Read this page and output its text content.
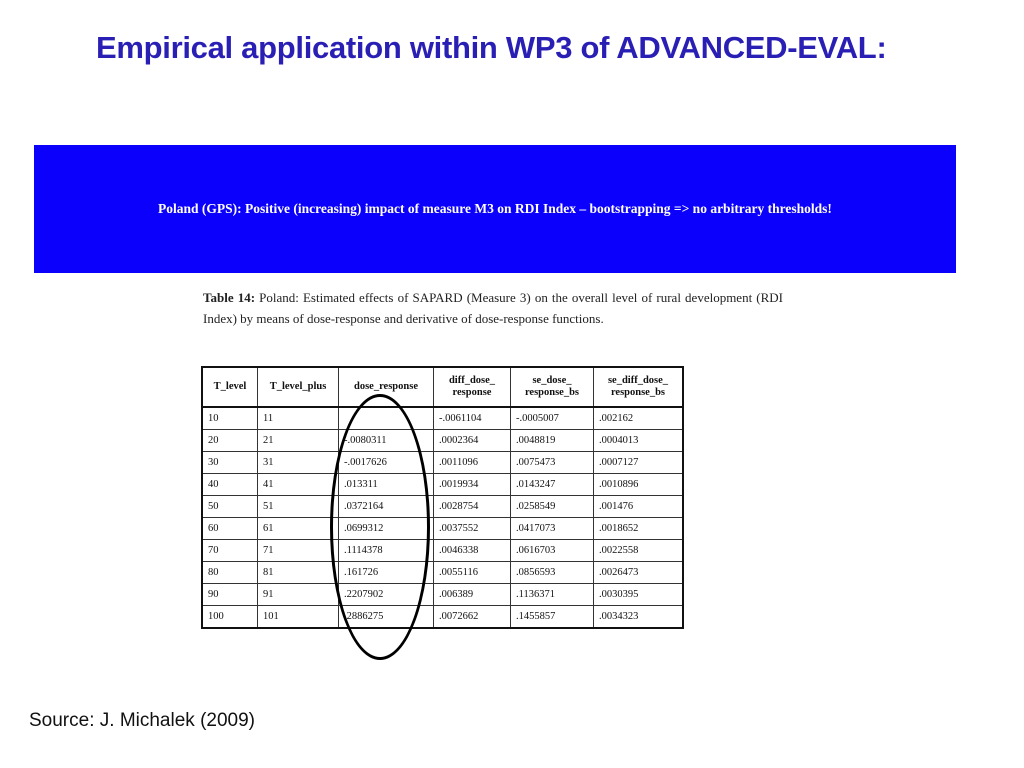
Empirical application within WP3 of ADVANCED-EVAL:
Poland (GPS): Positive (increasing) impact of measure M3 on RDI Index – bootstrapping => no arbitrary thresholds!
Table 14: Poland: Estimated effects of SAPARD (Measure 3) on the overall level of rural development (RDI Index) by means of dose-response and derivative of dose-response functions.
T_level	T_level_plus	dose_response	diff_dose_ response	se_dose_ response_bs	se_diff_dose_ response_bs
10	11		-.0061104	-.0005007	.002162
20	21	-.0080311	.0002364	.0048819	.0004013
30	31	-.0017626	.0011096	.0075473	.0007127
40	41	.013311	.0019934	.0143247	.0010896
50	51	.0372164	.0028754	.0258549	.001476
60	61	.0699312	.0037552	.0417073	.0018652
70	71	.1114378	.0046338	.0616703	.0022558
80	81	.161726	.0055116	.0856593	.0026473
90	91	.2207902	.006389	.1136371	.0030395
100	101	.2886275	.0072662	.1455857	.0034323
Source: J. Michalek (2009)
